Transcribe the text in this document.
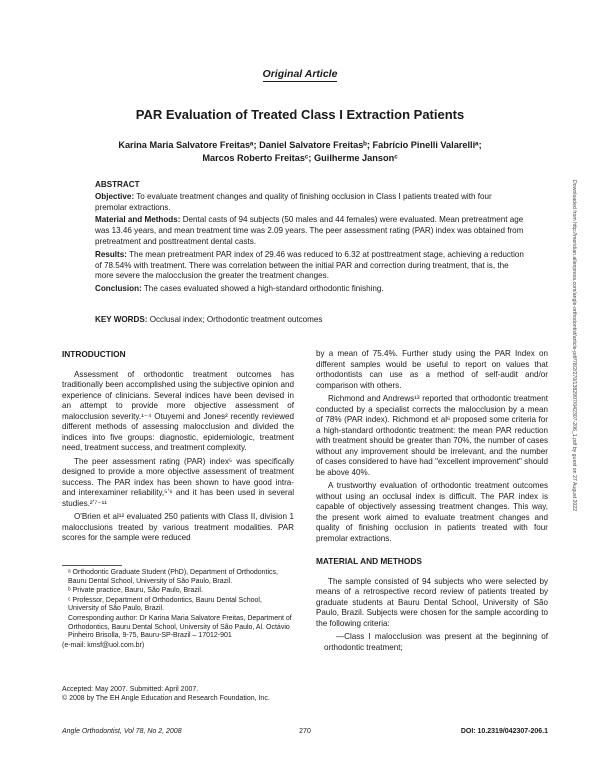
Original Article
PAR Evaluation of Treated Class I Extraction Patients
Karina Maria Salvatore Freitasᵃ; Daniel Salvatore Freitasᵇ; Fabrício Pinelli Valarelliᵃ;
Marcos Roberto Freitasᶜ; Guilherme Jansonᶜ
ABSTRACT

Objective: To evaluate treatment changes and quality of finishing occlusion in Class I patients treated with four premolar extractions.

Material and Methods: Dental casts of 94 subjects (50 males and 44 females) were evaluated. Mean pretreatment age was 13.46 years, and mean treatment time was 2.09 years. The peer assessment rating (PAR) index was obtained from pretreatment and posttreatment dental casts.

Results: The mean pretreatment PAR index of 29.46 was reduced to 6.32 at posttreatment stage, achieving a reduction of 78.54% with treatment. There was correlation between the initial PAR and correction during treatment, that is, the more severe the malocclusion the greater the treatment changes.

Conclusion: The cases evaluated showed a high-standard orthodontic finishing.

KEY WORDS: Occlusal index; Orthodontic treatment outcomes
INTRODUCTION

Assessment of orthodontic treatment outcomes has traditionally been accomplished using the subjective opinion and experience of clinicians. Several indices have been devised in an attempt to provide more objective assessment of malocclusion severity.¹⁻⁴ Otuyemi and Jones² recently reviewed different methods of assessing malocclusion and divided the indices into five groups: diagnostic, epidemiologic, treatment need, treatment success, and treatment complexity.

The peer assessment rating (PAR) index⁵ was specifically designed to provide a more objective assessment of treatment success. The PAR index has been shown to have good intra- and interexaminer reliability,⁵ʼ⁶ and it has been used in several studies.²ʼ⁷⁻¹¹

O'Brien et al¹² evaluated 250 patients with Class II, division 1 malocclusions treated by various treatment modalities. PAR scores for the sample were reduced

ᵃ Orthodontic Graduate Student (PhD), Department of Orthodontics, Bauru Dental School, University of São Paulo, Brazil.

ᵇ Private practice, Bauru, São Paulo, Brazil.

ᶜ Professor, Department of Orthodontics, Bauru Dental School, University of São Paulo, Brazil.

Corresponding author: Dr Karina Maria Salvatore Freitas, Department of Orthodontics, Bauru Dental School, University of São Paulo, Al. Octávio Pinheiro Brisolla, 9-75, Bauru-SP-Brazil – 17012-901

(e-mail: kmsf@uol.com.br)

Accepted: May 2007. Submitted: April 2007.
© 2008 by The EH Angle Education and Research Foundation, Inc.

by a mean of 75.4%. Further study using the PAR Index on different samples would be useful to report on values that orthodontists can use as a method of self-audit and/or comparison with others.

Richmond and Andrews¹³ reported that orthodontic treatment conducted by a specialist corrects the malocclusion by a mean of 78% (PAR index). Richmond et al⁶ proposed some criteria for a high-standard orthodontic treatment: the mean PAR reduction with treatment should be greater than 70%, the number of cases without any improvement should be irrelevant, and the number of cases considered to have had "excellent improvement" should be above 40%.

A trustworthy evaluation of orthodontic treatment outcomes without using an occlusal index is difficult. The PAR index is capable of objectively assessing treatment changes. This way, the present work aimed to evaluate treatment changes and quality of finishing occlusion in patients treated with four premolar extractions.

MATERIAL AND METHODS

The sample consisted of 94 subjects who were selected by means of a retrospective record review of patients treated by graduate students at Bauru Dental School, University of São Paulo, Brazil. Subjects were chosen for the sample according to the following criteria:

—Class I malocclusion was present at the beginning of orthodontic treatment;

Angle Orthodontist, Vol 78, No 2, 2008	270	DOI: 10.2319/042307-206.1
Downloaded from http://meridian.allenpress.com/angle-orthodontist/article-pdf/78/2/270/1382907/042307-206_1.pdf by guest on 27 August 2022
